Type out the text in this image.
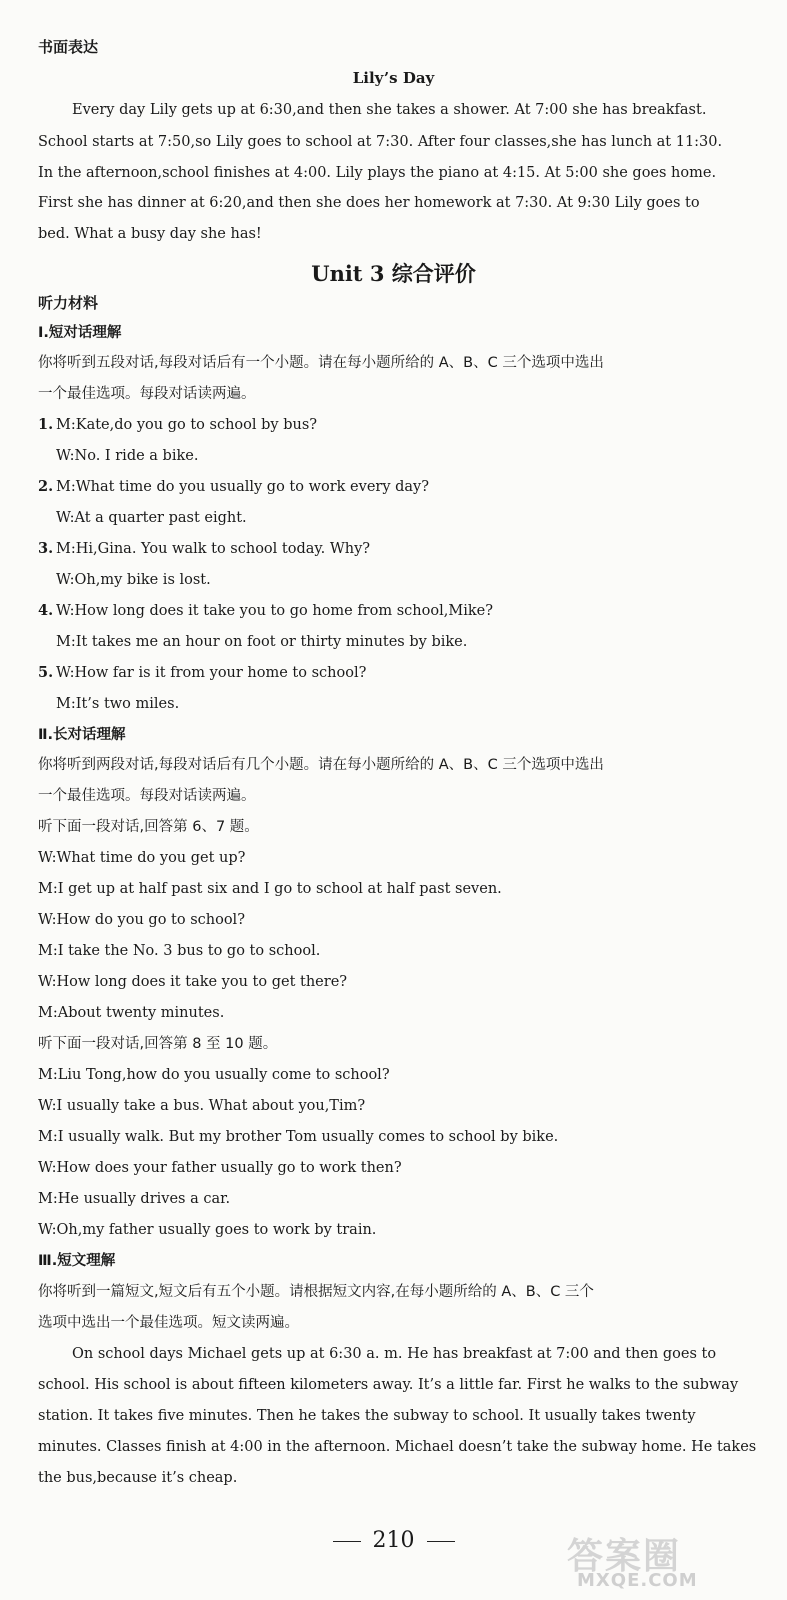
书面表达
Lily’s Day
Every day Lily gets up at 6:30,and then she takes a shower. At 7:00 she has breakfast.
School starts at 7:50,so Lily goes to school at 7:30. After four classes,she has lunch at 11:30.
In the afternoon,school finishes at 4:00. Lily plays the piano at 4:15. At 5:00 she goes home.
First she has dinner at 6:20,and then she does her homework at 7:30. At 9:30 Lily goes to
bed. What a busy day she has!
Unit 3 综合评价
听力材料
Ⅰ.短对话理解
你将听到五段对话,每段对话后有一个小题。请在每小题所给的 A、B、C 三个选项中选出
一个最佳选项。每段对话读两遍。
1. M:Kate,do you go to school by bus?
W:No. I ride a bike.
2. M:What time do you usually go to work every day?
W:At a quarter past eight.
3. M:Hi,Gina. You walk to school today. Why?
W:Oh,my bike is lost.
4. W:How long does it take you to go home from school,Mike?
M:It takes me an hour on foot or thirty minutes by bike.
5. W:How far is it from your home to school?
M:It’s two miles.
Ⅱ.长对话理解
你将听到两段对话,每段对话后有几个小题。请在每小题所给的 A、B、C 三个选项中选出
一个最佳选项。每段对话读两遍。
听下面一段对话,回答第 6、7 题。
W:What time do you get up?
M:I get up at half past six and I go to school at half past seven.
W:How do you go to school?
M:I take the No. 3 bus to go to school.
W:How long does it take you to get there?
M:About twenty minutes.
听下面一段对话,回答第 8 至 10 题。
M:Liu Tong,how do you usually come to school?
W:I usually take a bus. What about you,Tim?
M:I usually walk. But my brother Tom usually comes to school by bike.
W:How does your father usually go to work then?
M:He usually drives a car.
W:Oh,my father usually goes to work by train.
Ⅲ.短文理解
你将听到一篇短文,短文后有五个小题。请根据短文内容,在每小题所给的 A、B、C 三个
选项中选出一个最佳选项。短文读两遍。
On school days Michael gets up at 6:30 a. m. He has breakfast at 7:00 and then goes to
school. His school is about fifteen kilometers away. It’s a little far. First he walks to the subway
station. It takes five minutes. Then he takes the subway to school. It usually takes twenty
minutes. Classes finish at 4:00 in the afternoon. Michael doesn’t take the subway home. He takes
the bus,because it’s cheap.
210	答案圈
MXQE.COM
